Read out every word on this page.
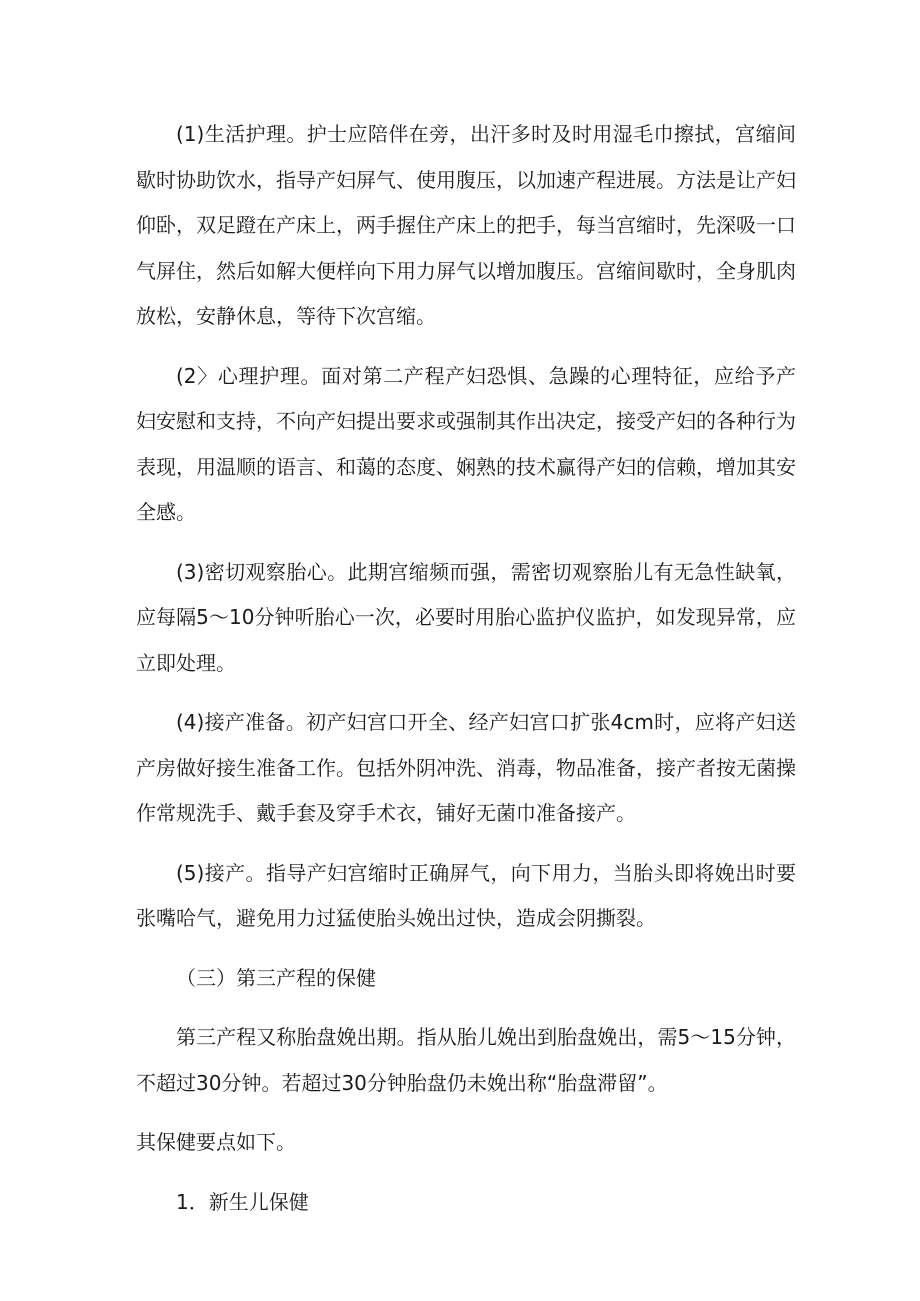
(1)生活护理。护士应陪伴在旁，出汗多时及时用湿毛巾擦拭，宫缩间歇时协助饮水，指导产妇屏气、使用腹压，以加速产程进展。方法是让产妇仰卧，双足蹬在产床上，两手握住产床上的把手，每当宫缩时，先深吸一口气屏住，然后如解大便样向下用力屏气以增加腹压。宫缩间歇时，全身肌肉放松，安静休息，等待下次宫缩。

(2〉心理护理。面对第二产程产妇恐惧、急躁的心理特征，应给予产妇安慰和支持，不向产妇提出要求或强制其作出决定，接受产妇的各种行为表现，用温顺的语言、和蔼的态度、娴熟的技术赢得产妇的信赖，增加其安全感。

(3)密切观察胎心。此期宫缩频而强，需密切观察胎儿有无急性缺氧，应每隔5〜10分钟听胎心一次，必要时用胎心监护仪监护，如发现异常，应立即处理。

(4)接产准备。初产妇宫口开全、经产妇宫口扩张4cm时，应将产妇送产房做好接生准备工作。包括外阴冲洗、消毒，物品准备，接产者按无菌操作常规洗手、戴手套及穿手术衣，铺好无菌巾准备接产。

(5)接产。指导产妇宫缩时正确屏气，向下用力，当胎头即将娩出时要张嘴哈气，避免用力过猛使胎头娩出过快，造成会阴撕裂。

（三）第三产程的保健

第三产程又称胎盘娩出期。指从胎儿娩出到胎盘娩出，需5〜15分钟，不超过30分钟。若超过30分钟胎盘仍未娩出称“胎盘滞留”。

其保健要点如下。

1．新生儿保健
